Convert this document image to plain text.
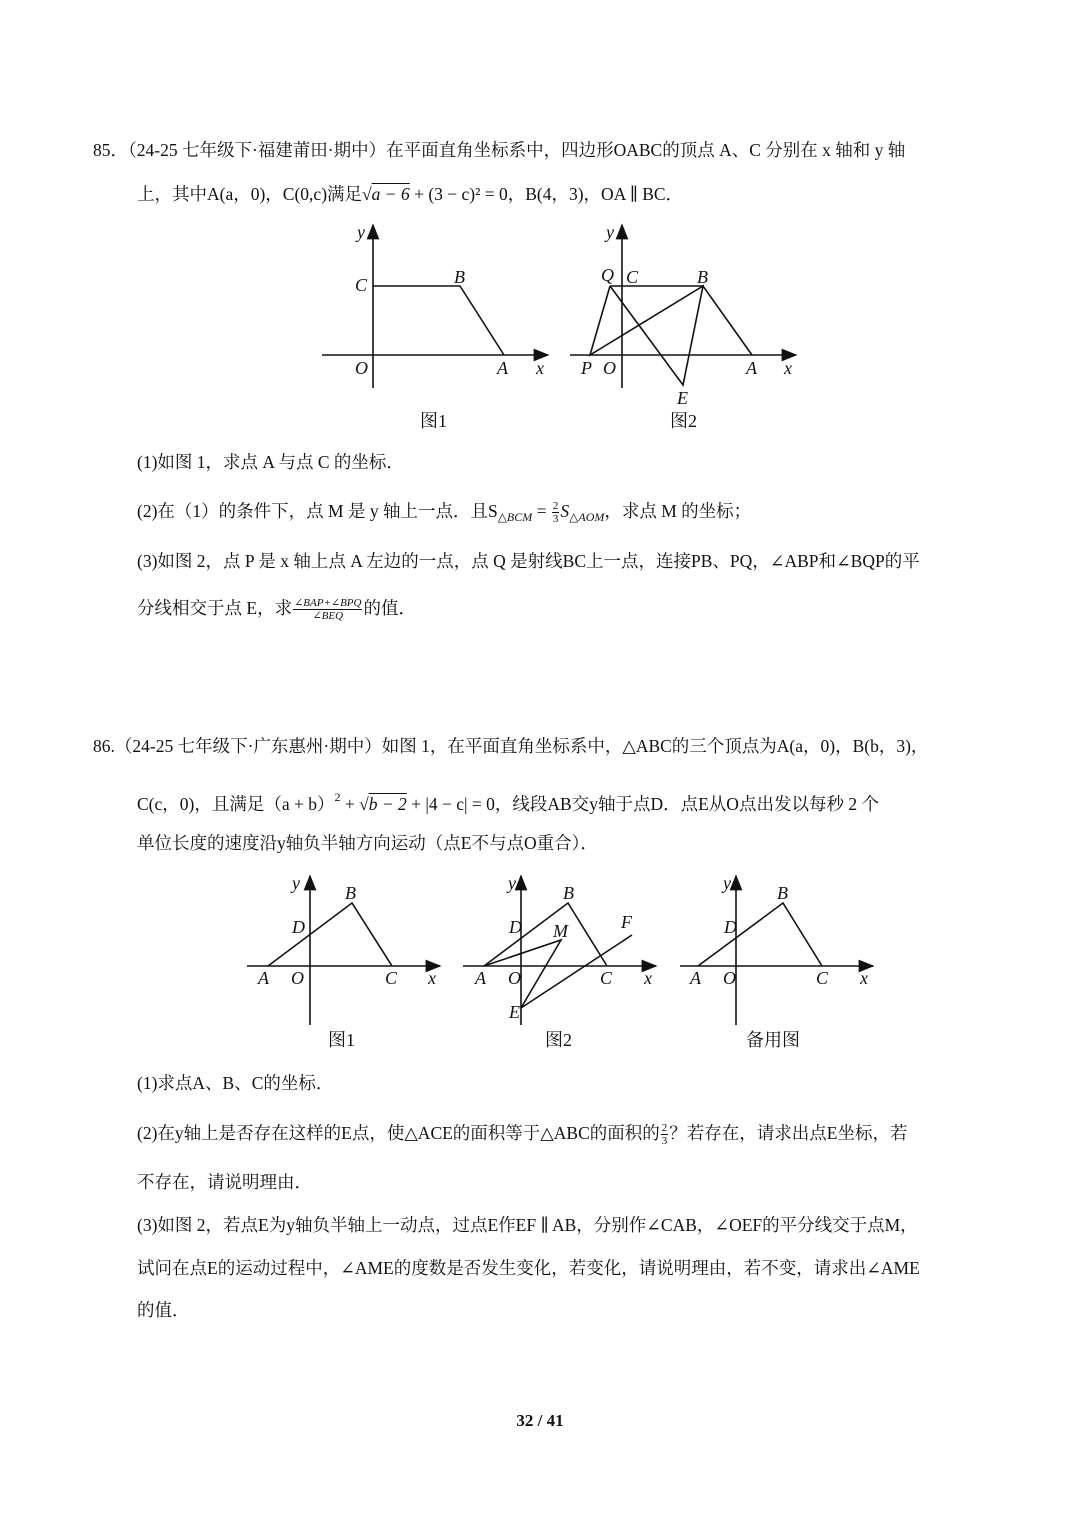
85．（24-25 七年级下·福建莆田·期中）在平面直角坐标系中，四边形OABC的顶点 A、C 分别在 x 轴和 y 轴
上，其中A(a，0)，C(0,c)满足√a − 6 + (3 − c)² = 0，B(4，3)，OA ∥ BC．
y
C	B
O	A x
图1
y
Q C	B
P O	A x
E
图2
y	B
D
A O	C x
图1
y	B
D M	F
A O	C x
E
图2
y	B
D
A O	C x
备用图
(1)如图 1，求点 A 与点 C 的坐标．
(2)在（1）的条件下，点 M 是 y 轴上一点．且$S_{\triangle BCM} = \frac{2}{3} S_{\triangle AOM}$，求点 M 的坐标；
(3)如图 2，点 P 是 x 轴上点 A 左边的一点，点 Q 是射线BC上一点，连接PB、PQ，∠ABP和∠BQP的平
分线相交于点 E，求 $\frac{\text{∠BAP+∠BPQ}}{\text{∠BEQ}}$ 的值．
86.（24-25 七年级下·广东惠州·期中）如图 1，在平面直角坐标系中，△ABC的三个顶点为A(a，0)，B(b，3)，
C(c，0)，且满足$(a + b)^2 + √b - 2 + |4 - c| = 0$，线段AB交y轴于点D．点E从O点出发以每秒 2 个
单位长度的速度沿y轴负半轴方向运动（点E不与点O重合）．
(1)求点A、B、C的坐标．
(2)在y轴上是否存在这样的E点，使△ACE的面积等于△ABC的面积的 $\frac{2}{3}$ ？若存在，请求出点E坐标，若
不存在，请说明理由．
(3)如图 2，若点E为y轴负半轴上一动点，过点E作EF ∥ AB，分别作∠CAB，∠OEF的平分线交于点M，
试问在点E的运动过程中，∠AME的度数是否发生变化，若变化，请说明理由，若不变，请求出∠AME
的值．
32 / 41
